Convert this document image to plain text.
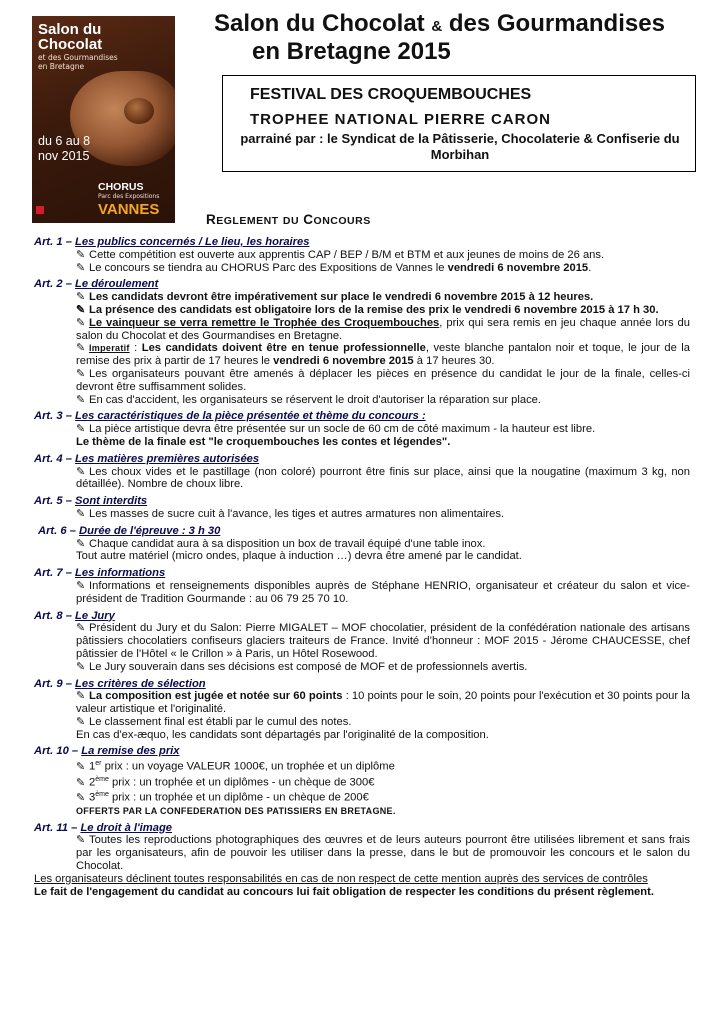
Salon du
Chocolat
et des Gourmandises
en Bretagne
du 6 au 8
nov 2015
CHORUS
Parc des Expositions
VANNES
Salon du Chocolat & des Gourmandises
en Bretagne 2015
FESTIVAL DES CROQUEMBOUCHES
TROPHEE NATIONAL PIERRE CARON
parrainé par : le Syndicat de la Pâtisserie, Chocolaterie & Confiserie du Morbihan
REGLEMENT DU CONCOURS
Art. 1 – Les publics concernés / Le lieu, les horaires
✎ Cette compétition est ouverte aux apprentis CAP / BEP / B/M et BTM et aux jeunes de moins de 26 ans.
✎ Le concours se tiendra au CHORUS Parc des Expositions de Vannes le vendredi 6 novembre 2015.
Art. 2 – Le déroulement
✎ Les candidats devront être impérativement sur place le vendredi 6 novembre 2015 à 12 heures.
✎ La présence des candidats est obligatoire lors de la remise des prix le vendredi 6 novembre 2015 à 17 h 30.
✎ Le vainqueur se verra remettre le Trophée des Croquembouches, prix qui sera remis en jeu chaque année lors du salon du Chocolat et des Gourmandises en Bretagne.
✎ Imperatif : Les candidats doivent être en tenue professionnelle, veste blanche pantalon noir et toque, le jour de la remise des prix à partir de 17 heures le vendredi 6 novembre 2015 à 17 heures 30.
✎ Les organisateurs pouvant être amenés à déplacer les pièces en présence du candidat le jour de la finale, celles-ci devront être suffisamment solides.
✎ En cas d'accident, les organisateurs se réservent le droit d'autoriser la réparation sur place.
Art. 3 – Les caractéristiques de la pièce présentée et thème du concours :
✎ La pièce artistique devra être présentée sur un socle de 60 cm de côté maximum - la hauteur est libre.
Le thème de la finale est "le croquembouches les contes et légendes".
Art. 4 – Les matières premières autorisées
✎ Les choux vides et le pastillage (non coloré) pourront être finis sur place, ainsi que la nougatine (maximum 3 kg, non détaillée). Nombre de choux libre.
Art. 5 – Sont interdits
✎ Les masses de sucre cuit à l'avance, les tiges et autres armatures non alimentaires.
Art. 6 – Durée de l'épreuve : 3 h 30
✎ Chaque candidat aura à sa disposition un box de travail équipé d'une table inox.
Tout autre matériel (micro ondes, plaque à induction …) devra être amené par le candidat.
Art. 7 – Les informations
✎ Informations et renseignements disponibles auprès de Stéphane HENRIO, organisateur et créateur du salon et vice-président de Tradition Gourmande : au 06 79 25 70 10.
Art. 8 – Le Jury
✎ Président du Jury et du Salon: Pierre MIGALET – MOF chocolatier, président de la confédération nationale des artisans pâtissiers chocolatiers confiseurs glaciers traiteurs de France. Invité d’honneur : MOF 2015 - Jérome CHAUCESSE, chef pâtissier de l’Hôtel « le Crillon » à Paris, un Hôtel Rosewood.
✎ Le Jury souverain dans ses décisions est composé de MOF et de professionnels avertis.
Art. 9 – Les critères de sélection
✎ La composition est jugée et notée sur 60 points : 10 points pour le soin, 20 points pour l'exécution et 30 points pour la valeur artistique et l'originalité.
✎ Le classement final est établi par le cumul des notes.
En cas d'ex-æquo, les candidats sont départagés par l'originalité de la composition.
Art. 10 – La remise des prix
✎ 1er prix : un voyage VALEUR 1000€, un trophée et un diplôme
✎ 2ème prix : un trophée et un diplômes - un chèque de 300€
✎ 3ème prix : un trophée et un diplôme - un chèque de 200€
OFFERTS PAR LA CONFEDERATION DES PATISSIERS EN BRETAGNE.
Art. 11 – Le droit à l'image
✎ Toutes les reproductions photographiques des œuvres et de leurs auteurs pourront être utilisées librement et sans frais par les organisateurs, afin de pouvoir les utiliser dans la presse, dans le but de promouvoir les concours et le salon du Chocolat.
Les organisateurs déclinent toutes responsabilités en cas de non respect de cette mention auprès des services de contrôles
Le fait de l'engagement du candidat au concours lui fait obligation de respecter les conditions du présent règlement.
